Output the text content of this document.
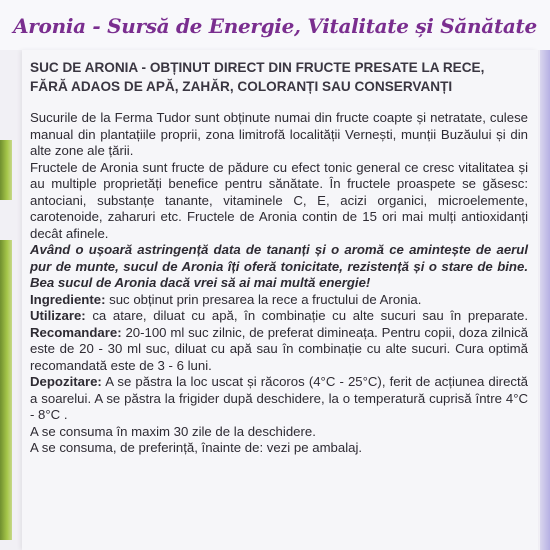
Aronia - Sursă de Energie, Vitalitate și Sănătate
SUC DE ARONIA - OBȚINUT DIRECT DIN FRUCTE PRESATE LA RECE,
FĂRĂ ADAOS DE APĂ, ZAHĂR, COLORANȚI SAU CONSERVANȚI

Sucurile de la Ferma Tudor sunt obținute numai din fructe coapte și netratate, culese manual din plantațiile proprii, zona limitrofă localității Vernești, munții Buzăului și din alte zone ale țării.

Fructele de Aronia sunt fructe de pădure cu efect tonic general ce cresc vitalitatea și au multiple proprietăți benefice pentru sănătate. În fructele proaspete se găsesc: antociani, substanțe tanante, vitaminele C, E, acizi organici, microelemente, carotenoide, zaharuri etc. Fructele de Aronia contin de 15 ori mai mulți antioxidanți decât afinele.

Având o ușoară astringență data de tananți și o aromă ce amintește de aerul pur de munte, sucul de Aronia îți oferă tonicitate, rezistență și o stare de bine. Bea sucul de Aronia dacă vrei să ai mai multă energie!

Ingrediente: suc obținut prin presarea la rece a fructului de Aronia.

Utilizare: ca atare, diluat cu apă, în combinație cu alte sucuri sau în preparate. Recomandare: 20-100 ml suc zilnic, de preferat dimineața. Pentru copii, doza zilnică este de 20 - 30 ml suc, diluat cu apă sau în combinație cu alte sucuri. Cura optimă recomandată este de 3 - 6 luni.

Depozitare: A se păstra la loc uscat și răcoros (4°C - 25°C), ferit de acțiunea directă a soarelui. A se păstra la frigider după deschidere, la o temperatură cuprisă între 4°C - 8°C .

A se consuma în maxim 30 zile de la deschidere.

A se consuma, de preferință, înainte de: vezi pe ambalaj.
